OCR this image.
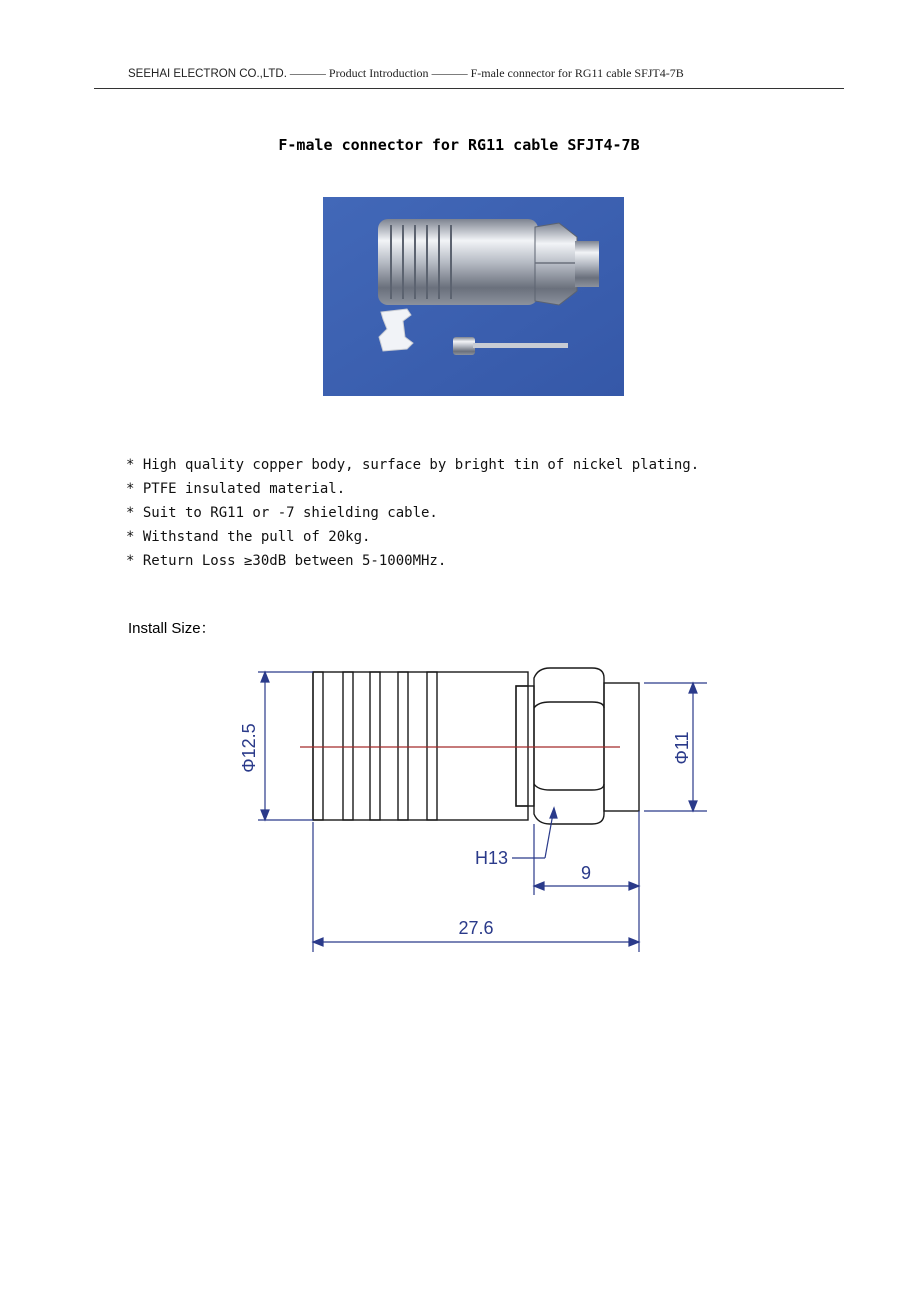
SEEHAI ELECTRON CO.,LTD. ——— Product Introduction ——— F-male connector for RG11 cable SFJT4-7B
F-male connector for RG11 cable SFJT4-7B
* High quality copper body, surface by bright tin of nickel plating.
* PTFE insulated material.
* Suit to RG11 or -7 shielding cable.
* Withstand the pull of 20kg.
* Return Loss ≥30dB between 5-1000MHz.
Install Size：
Φ12.5	Φ11
H13
9
27.6
